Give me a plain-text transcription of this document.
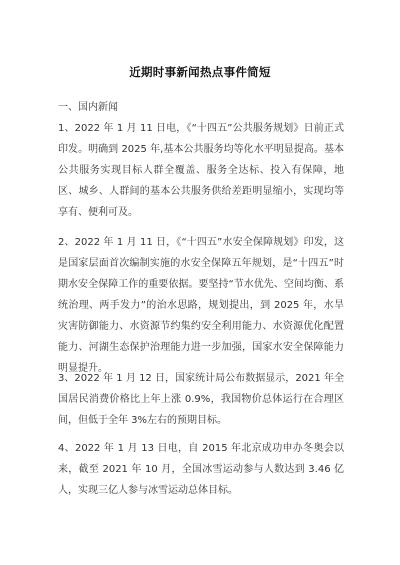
近期时事新闻热点事件简短
一、国内新闻
1、2022 年 1 月 11 日电，《“十四五”公共服务规划》日前正式印发。明确到 2025 年,基本公共服务均等化水平明显提高。基本公共服务实现目标人群全覆盖、服务全达标、投入有保障，地区、城乡、人群间的基本公共服务供给差距明显缩小，实现均等享有、便利可及。
2、2022 年 1 月 11 日，《“十四五”水安全保障规划》印发，这是国家层面首次编制实施的水安全保障五年规划，是“十四五”时期水安全保障工作的重要依据。要坚持“节水优先、空间均衡、系统治理、两手发力”的治水思路，规划提出，到 2025 年，水旱灾害防御能力、水资源节约集约安全利用能力、水资源优化配置能力、河湖生态保护治理能力进一步加强，国家水安全保障能力明显提升。
3、2022 年 1 月 12 日，国家统计局公布数据显示，2021 年全国居民消费价格比上年上涨 0.9%，我国物价总体运行在合理区间，但低于全年 3%左右的预期目标。
4、2022 年 1 月 13 日电，自 2015 年北京成功申办冬奥会以来，截至 2021 年 10 月，全国冰雪运动参与人数达到 3.46 亿人，实现三亿人参与冰雪运动总体目标。
